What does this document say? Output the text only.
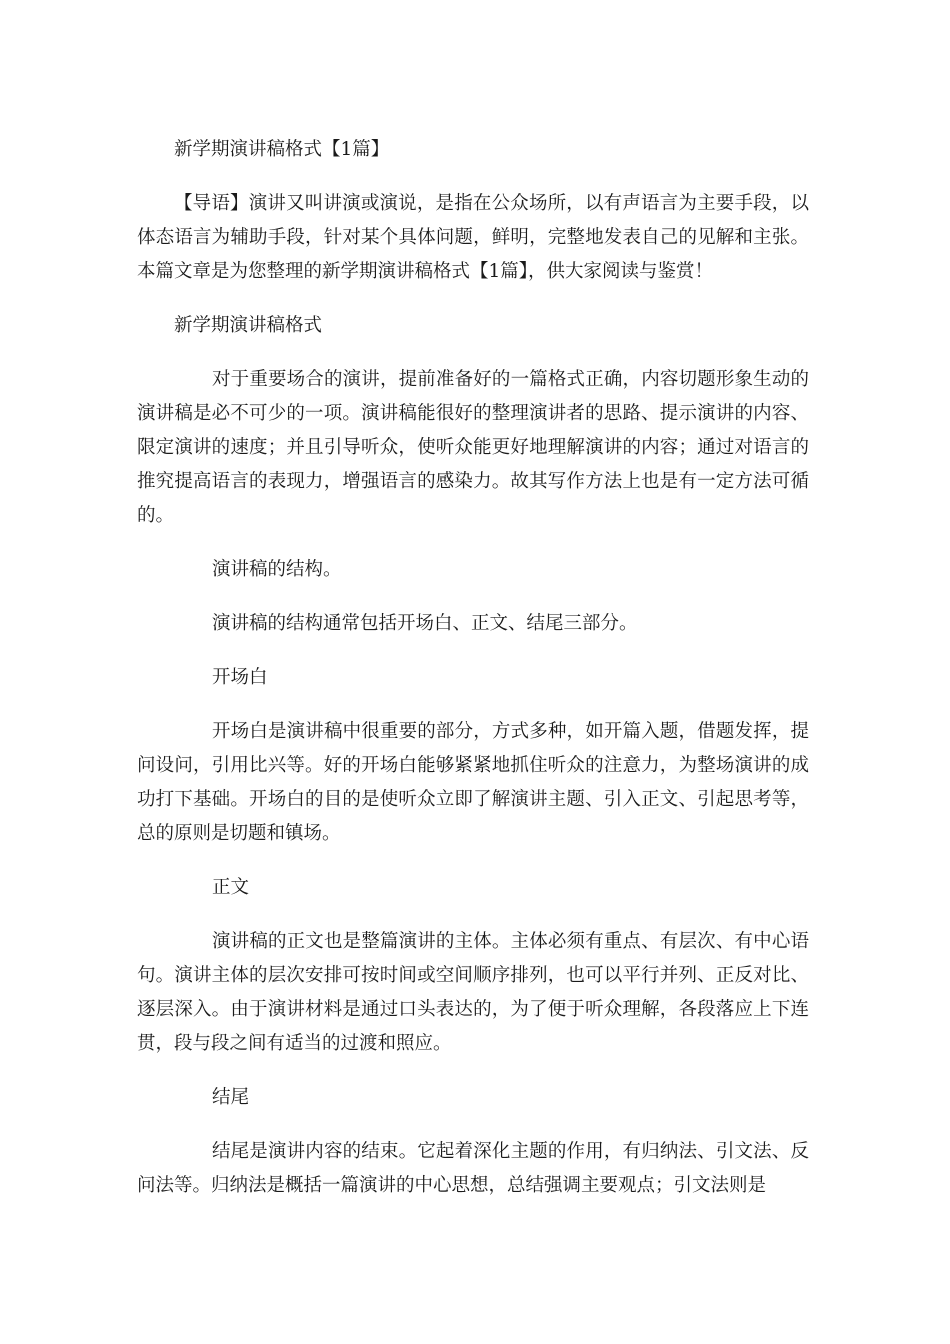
新学期演讲稿格式【1篇】

【导语】演讲又叫讲演或演说，是指在公众场所，以有声语言为主要手段，以体态语言为辅助手段，针对某个具体问题，鲜明，完整地发表自己的见解和主张。本篇文章是为您整理的新学期演讲稿格式【1篇】，供大家阅读与鉴赏！

新学期演讲稿格式

对于重要场合的演讲，提前准备好的一篇格式正确，内容切题形象生动的演讲稿是必不可少的一项。演讲稿能很好的整理演讲者的思路、提示演讲的内容、限定演讲的速度；并且引导听众，使听众能更好地理解演讲的内容；通过对语言的推究提高语言的表现力，增强语言的感染力。故其写作方法上也是有一定方法可循的。

演讲稿的结构。

演讲稿的结构通常包括开场白、正文、结尾三部分。

开场白

开场白是演讲稿中很重要的部分，方式多种，如开篇入题，借题发挥，提问设问，引用比兴等。好的开场白能够紧紧地抓住听众的注意力，为整场演讲的成功打下基础。开场白的目的是使听众立即了解演讲主题、引入正文、引起思考等，总的原则是切题和镇场。

正文

演讲稿的正文也是整篇演讲的主体。主体必须有重点、有层次、有中心语句。演讲主体的层次安排可按时间或空间顺序排列，也可以平行并列、正反对比、逐层深入。由于演讲材料是通过口头表达的，为了便于听众理解，各段落应上下连贯，段与段之间有适当的过渡和照应。

结尾

结尾是演讲内容的结束。它起着深化主题的作用，有归纳法、引文法、反问法等。归纳法是概括一篇演讲的中心思想，总结强调主要观点；引文法则是
